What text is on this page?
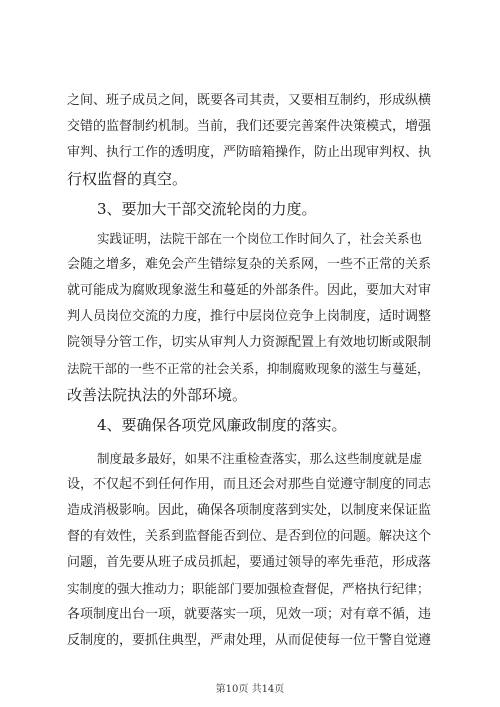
之间、班子成员之间，既要各司其责，又要相互制约，形成纵横
交错的监督制约机制。当前，我们还要完善案件决策模式，增强
审判、执行工作的透明度，严防暗箱操作，防止出现审判权、执
行权监督的真空。
3、要加大干部交流轮岗的力度。
实践证明，法院干部在一个岗位工作时间久了，社会关系也
会随之增多，难免会产生错综复杂的关系网，一些不正常的关系
就可能成为腐败现象滋生和蔓延的外部条件。因此，要加大对审
判人员岗位交流的力度，推行中层岗位竞争上岗制度，适时调整
院领导分管工作，切实从审判人力资源配置上有效地切断或限制
法院干部的一些不正常的社会关系，抑制腐败现象的滋生与蔓延，
改善法院执法的外部环境。
4、要确保各项党风廉政制度的落实。
制度最多最好，如果不注重检查落实，那么这些制度就是虚
设，不仅起不到任何作用，而且还会对那些自觉遵守制度的同志
造成消极影响。因此，确保各项制度落到实处，以制度来保证监
督的有效性，关系到监督能否到位、是否到位的问题。解决这个
问题，首先要从班子成员抓起，要通过领导的率先垂范，形成落
实制度的强大推动力；职能部门要加强检查督促，严格执行纪律；
各项制度出台一项，就要落实一项，见效一项；对有章不循，违
反制度的，要抓住典型，严肃处理，从而促使每一位干警自觉遵
第10页 共14页
